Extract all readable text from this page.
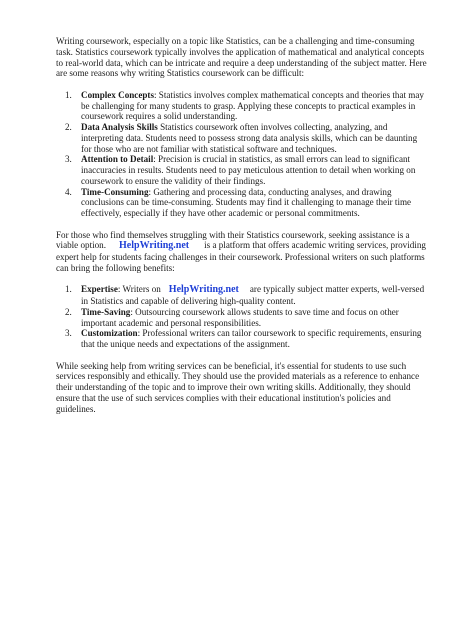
Writing coursework, especially on a topic like Statistics, can be a challenging and time-consuming task. Statistics coursework typically involves the application of mathematical and analytical concepts to real-world data, which can be intricate and require a deep understanding of the subject matter. Here are some reasons why writing Statistics coursework can be difficult:

1. Complex Concepts: Statistics involves complex mathematical concepts and theories that may be challenging for many students to grasp. Applying these concepts to practical examples in coursework requires a solid understanding.
2. Data Analysis Skills Statistics coursework often involves collecting, analyzing, and interpreting data. Students need to possess strong data analysis skills, which can be daunting for those who are not familiar with statistical software and techniques.
3. Attention to Detail: Precision is crucial in statistics, as small errors can lead to significant inaccuracies in results. Students need to pay meticulous attention to detail when working on coursework to ensure the validity of their findings.
4. Time-Consuming: Gathering and processing data, conducting analyses, and drawing conclusions can be time-consuming. Students may find it challenging to manage their time effectively, especially if they have other academic or personal commitments.

For those who find themselves struggling with their Statistics coursework, seeking assistance is a viable option. HelpWriting.net is a platform that offers academic writing services, providing expert help for students facing challenges in their coursework. Professional writers on such platforms can bring the following benefits:

1. Expertise: Writers on HelpWriting.net are typically subject matter experts, well-versed in Statistics and capable of delivering high-quality content.
2. Time-Saving: Outsourcing coursework allows students to save time and focus on other important academic and personal responsibilities.
3. Customization: Professional writers can tailor coursework to specific requirements, ensuring that the unique needs and expectations of the assignment.

While seeking help from writing services can be beneficial, it's essential for students to use such services responsibly and ethically. They should use the provided materials as a reference to enhance their understanding of the topic and to improve their own writing skills. Additionally, they should ensure that the use of such services complies with their educational institution's policies and guidelines.
